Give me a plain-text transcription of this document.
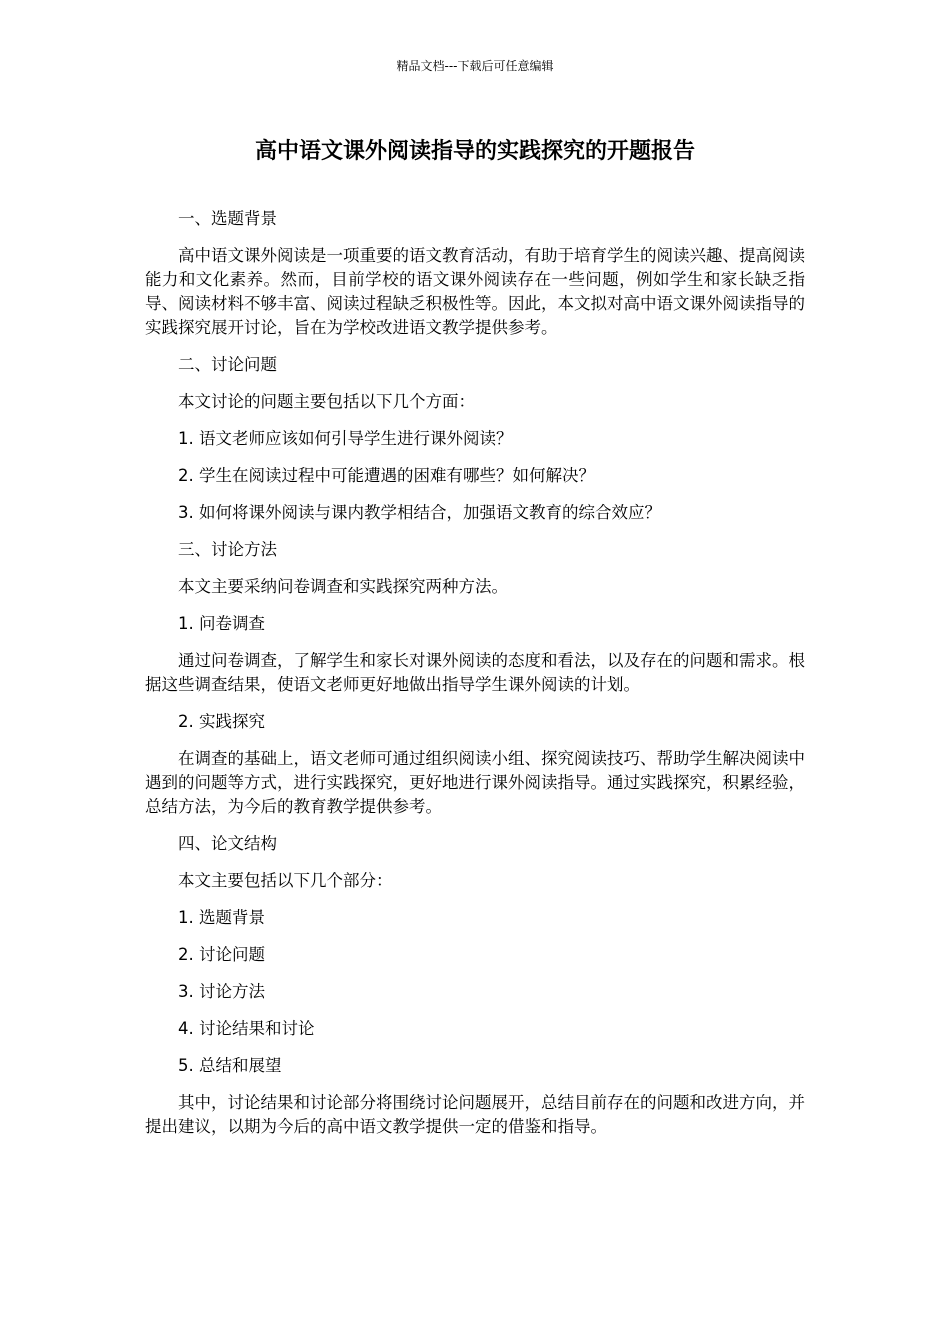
精品文档---下载后可任意编辑
高中语文课外阅读指导的实践探究的开题报告

一、选题背景

高中语文课外阅读是一项重要的语文教育活动，有助于培育学生的阅读兴趣、提高阅读能力和文化素养。然而，目前学校的语文课外阅读存在一些问题，例如学生和家长缺乏指导、阅读材料不够丰富、阅读过程缺乏积极性等。因此，本文拟对高中语文课外阅读指导的实践探究展开讨论，旨在为学校改进语文教学提供参考。

二、讨论问题

本文讨论的问题主要包括以下几个方面：

1. 语文老师应该如何引导学生进行课外阅读？

2. 学生在阅读过程中可能遭遇的困难有哪些？如何解决？

3. 如何将课外阅读与课内教学相结合，加强语文教育的综合效应？

三、讨论方法

本文主要采纳问卷调查和实践探究两种方法。

1. 问卷调查

通过问卷调查，了解学生和家长对课外阅读的态度和看法，以及存在的问题和需求。根据这些调查结果，使语文老师更好地做出指导学生课外阅读的计划。

2. 实践探究

在调查的基础上，语文老师可通过组织阅读小组、探究阅读技巧、帮助学生解决阅读中遇到的问题等方式，进行实践探究，更好地进行课外阅读指导。通过实践探究，积累经验，总结方法，为今后的教育教学提供参考。

四、论文结构

本文主要包括以下几个部分：

1. 选题背景

2. 讨论问题

3. 讨论方法

4. 讨论结果和讨论

5. 总结和展望

其中，讨论结果和讨论部分将围绕讨论问题展开，总结目前存在的问题和改进方向，并提出建议，以期为今后的高中语文教学提供一定的借鉴和指导。
